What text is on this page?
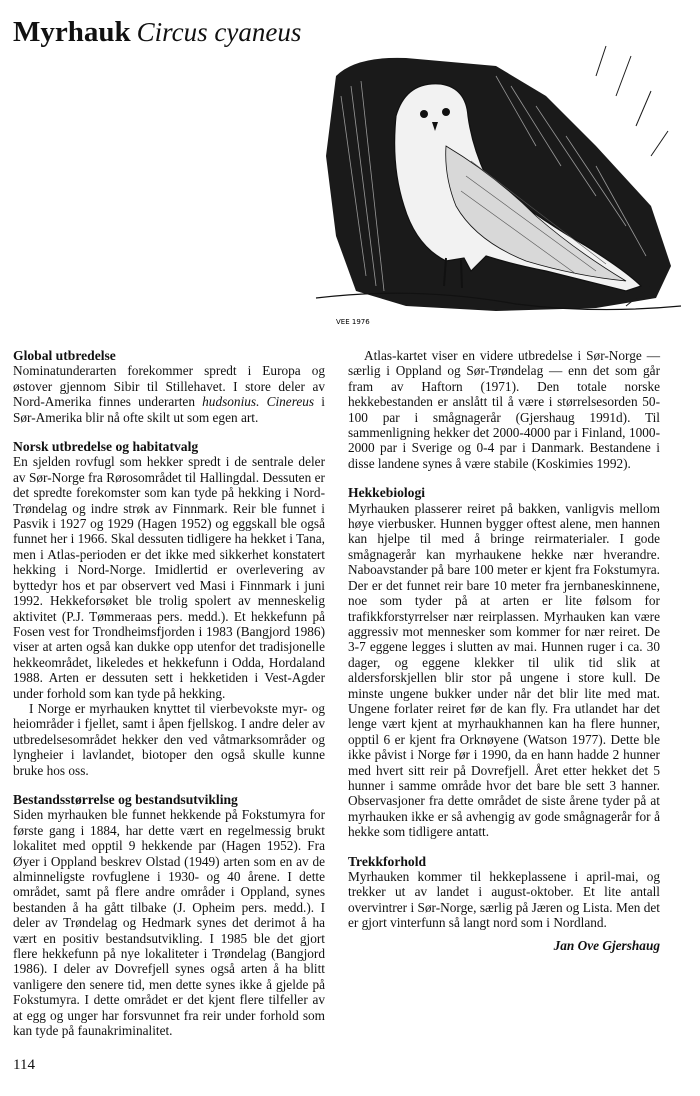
Myrhauk Circus cyaneus
VEE 1976
Global utbredelse

Nominatunderarten forekommer spredt i Europa og østover gjennom Sibir til Stillehavet. I store deler av Nord-Amerika finnes underarten hudsonius. Cinereus i Sør-Amerika blir nå ofte skilt ut som egen art.

Norsk utbredelse og habitatvalg

En sjelden rovfugl som hekker spredt i de sentrale deler av Sør-Norge fra Rørosområdet til Hallingdal. Dessuten er det spredte forekomster som kan tyde på hekking i Nord-Trøndelag og indre strøk av Finnmark. Reir ble funnet i Pasvik i 1927 og 1929 (Hagen 1952) og eggskall ble også funnet her i 1966. Skal dessuten tidligere ha hekket i Tana, men i Atlas-perioden er det ikke med sikkerhet konstatert hekking i Nord-Norge. Imidlertid er overlevering av byttedyr hos et par observert ved Masi i Finnmark i juni 1992. Hekkeforsøket ble trolig spolert av menneskelig aktivitet (P.J. Tømmeraas pers. medd.). Et hekkefunn på Fosen vest for Trondheimsfjorden i 1983 (Bangjord 1986) viser at arten også kan dukke opp utenfor det tradisjonelle hekkeområdet, likeledes et hekkefunn i Odda, Hordaland 1988. Arten er dessuten sett i hekketiden i Vest-Agder under forhold som kan tyde på hekking.

I Norge er myrhauken knyttet til vierbevokste myr- og heiområder i fjellet, samt i åpen fjellskog. I andre deler av utbredelsesområdet hekker den ved våtmarksområder og lyngheier i lavlandet, biotoper den også skulle kunne bruke hos oss.

Bestandsstørrelse og bestandsutvikling

Siden myrhauken ble funnet hekkende på Fokstumyra for første gang i 1884, har dette vært en regelmessig brukt lokalitet med opptil 9 hekkende par (Hagen 1952). Fra Øyer i Oppland beskrev Olstad (1949) arten som en av de alminneligste rovfuglene i 1930- og 40 årene. I dette området, samt på flere andre områder i Oppland, synes bestanden å ha gått tilbake (J. Opheim pers. medd.). I deler av Trøndelag og Hedmark synes det derimot å ha vært en positiv bestandsutvikling. I 1985 ble det gjort flere hekkefunn på nye lokaliteter i Trøndelag (Bangjord 1986). I deler av Dovrefjell synes også arten å ha blitt vanligere den senere tid, men dette synes ikke å gjelde på Fokstumyra. I dette området er det kjent flere tilfeller av at egg og unger har forsvunnet fra reir under forhold som kan tyde på faunakriminalitet.

Atlas-kartet viser en videre utbredelse i Sør-Norge — særlig i Oppland og Sør-Trøndelag — enn det som går fram av Haftorn (1971). Den totale norske hekkebestanden er anslått til å være i størrelsesorden 50-100 par i smågnagerår (Gjershaug 1991d). Til sammenligning hekker det 2000-4000 par i Finland, 1000-2000 par i Sverige og 0-4 par i Danmark. Bestandene i disse landene synes å være stabile (Koskimies 1992).

Hekkebiologi

Myrhauken plasserer reiret på bakken, vanligvis mellom høye vierbusker. Hunnen bygger oftest alene, men hannen kan hjelpe til med å bringe reirmaterialer. I gode smågnagerår kan myrhaukene hekke nær hverandre. Naboavstander på bare 100 meter er kjent fra Fokstumyra. Der er det funnet reir bare 10 meter fra jernbaneskinnene, noe som tyder på at arten er lite følsom for trafikkforstyrrelser nær reirplassen. Myrhauken kan være aggressiv mot mennesker som kommer for nær reiret. De 3-7 eggene legges i slutten av mai. Hunnen ruger i ca. 30 dager, og eggene klekker til ulik tid slik at aldersforskjellen blir stor på ungene i store kull. De minste ungene bukker under når det blir lite med mat. Ungene forlater reiret før de kan fly. Fra utlandet har det lenge vært kjent at myrhaukhannen kan ha flere hunner, opptil 6 er kjent fra Orknøyene (Watson 1977). Dette ble ikke påvist i Norge før i 1990, da en hann hadde 2 hunner med hvert sitt reir på Dovrefjell. Året etter hekket det 5 hunner i samme område hvor det bare ble sett 3 hanner. Observasjoner fra dette området de siste årene tyder på at myrhauken ikke er så avhengig av gode smågnagerår for å hekke som tidligere antatt.

Trekkforhold

Myrhauken kommer til hekkeplassene i april-mai, og trekker ut av landet i august-oktober. Et lite antall overvintrer i Sør-Norge, særlig på Jæren og Lista. Men det er gjort vinterfunn så langt nord som i Nordland.

Jan Ove Gjershaug
114
